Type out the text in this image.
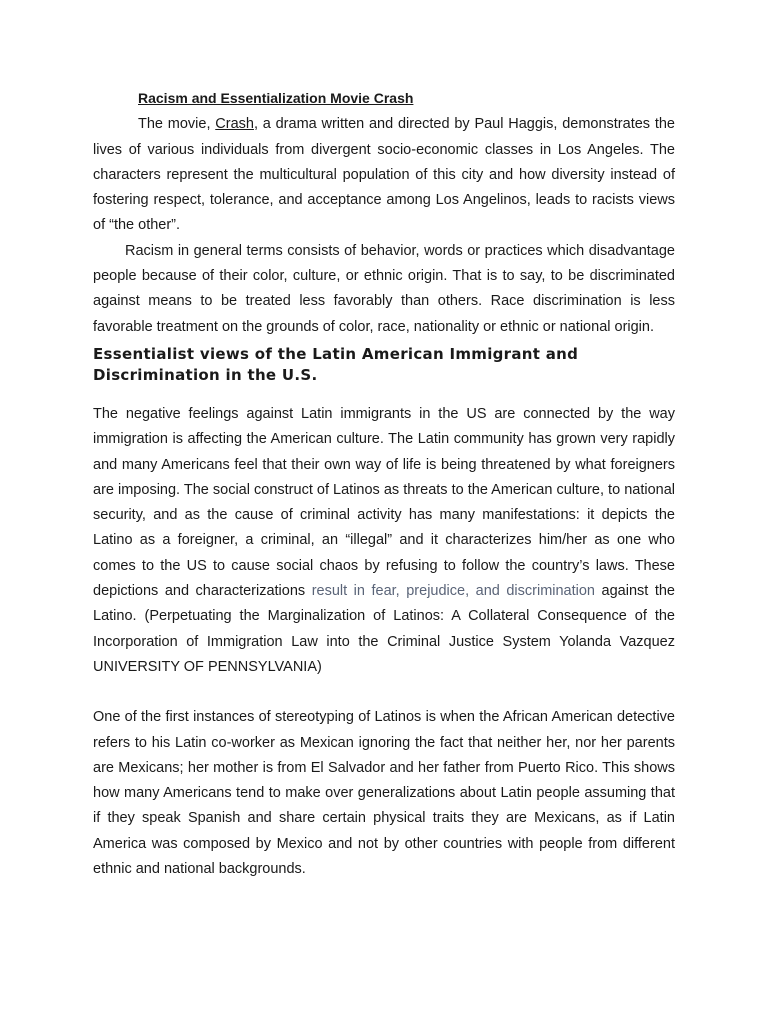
Racism and Essentialization Movie Crash

The movie, Crash, a drama written and directed by Paul Haggis, demonstrates the lives of various individuals from divergent socio-economic classes in Los Angeles. The characters represent the multicultural population of this city and how diversity instead of fostering respect, tolerance, and acceptance among Los Angelinos, leads to racists views of “the other”.

Racism in general terms consists of behavior, words or practices which disadvantage people because of their color, culture, or ethnic origin. That is to say, to be discriminated against means to be treated less favorably than others. Race discrimination is less favorable treatment on the grounds of color, race, nationality or ethnic or national origin.

Essentialist views of the Latin American Immigrant and Discrimination in the U.S.

The negative feelings against Latin immigrants in the US are connected by the way immigration is affecting the American culture. The Latin community has grown very rapidly and many Americans feel that their own way of life is being threatened by what foreigners are imposing. The social construct of Latinos as threats to the American culture, to national security, and as the cause of criminal activity has many manifestations: it depicts the Latino as a foreigner, a criminal, an “illegal” and it characterizes him/her as one who comes to the US to cause social chaos by refusing to follow the country’s laws. These depictions and characterizations result in fear, prejudice, and discrimination against the Latino. (Perpetuating the Marginalization of Latinos: A Collateral Consequence of the Incorporation of Immigration Law into the Criminal Justice System Yolanda Vazquez UNIVERSITY OF PENNSYLVANIA)

One of the first instances of stereotyping of Latinos is when the African American detective refers to his Latin co-worker as Mexican ignoring the fact that neither her, nor her parents are Mexicans; her mother is from El Salvador and her father from Puerto Rico. This shows how many Americans tend to make over generalizations about Latin people assuming that if they speak Spanish and share certain physical traits they are Mexicans, as if Latin America was composed by Mexico and not by other countries with people from different ethnic and national backgrounds.
